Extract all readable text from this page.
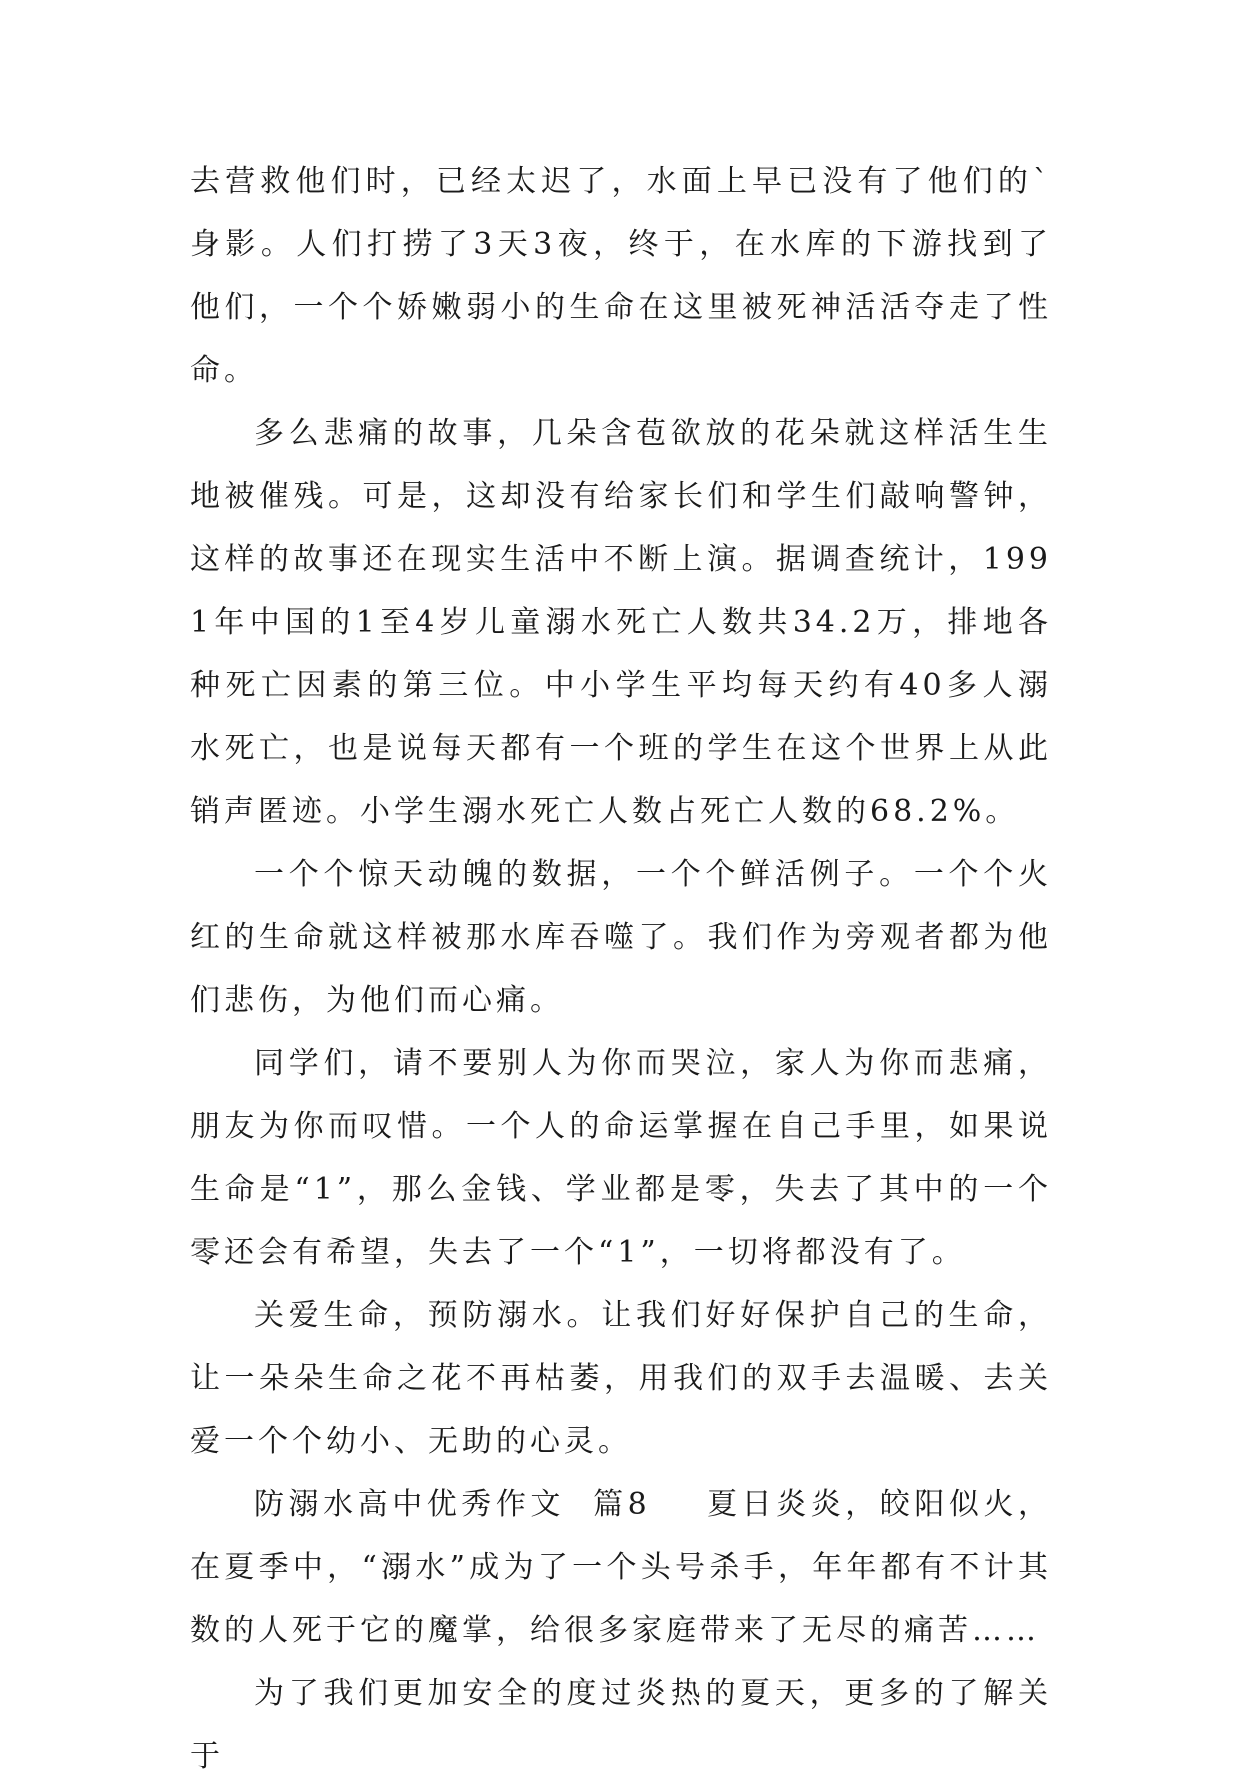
去营救他们时，已经太迟了，水面上早已没有了他们的`身影。人们打捞了3天3夜，终于，在水库的下游找到了他们，一个个娇嫩弱小的生命在这里被死神活活夺走了性命。

多么悲痛的故事，几朵含苞欲放的花朵就这样活生生地被催残。可是，这却没有给家长们和学生们敲响警钟，这样的故事还在现实生活中不断上演。据调查统计，1991年中国的1至4岁儿童溺水死亡人数共34.2万，排地各种死亡因素的第三位。中小学生平均每天约有40多人溺水死亡，也是说每天都有一个班的学生在这个世界上从此销声匿迹。小学生溺水死亡人数占死亡人数的68.2%。

一个个惊天动魄的数据，一个个鲜活例子。一个个火红的生命就这样被那水库吞噬了。我们作为旁观者都为他们悲伤，为他们而心痛。

同学们，请不要别人为你而哭泣，家人为你而悲痛，朋友为你而叹惜。一个人的命运掌握在自己手里，如果说生命是“1”，那么金钱、学业都是零，失去了其中的一个零还会有希望，失去了一个“1”，一切将都没有了。

关爱生命，预防溺水。让我们好好保护自己的生命，让一朵朵生命之花不再枯萎，用我们的双手去温暖、去关爱一个个幼小、无助的心灵。

防溺水高中优秀作文  篇8    夏日炎炎，皎阳似火，在夏季中，“溺水”成为了一个头号杀手，年年都有不计其数的人死于它的魔掌，给很多家庭带来了无尽的痛苦……

为了我们更加安全的度过炎热的夏天，更多的了解关于
